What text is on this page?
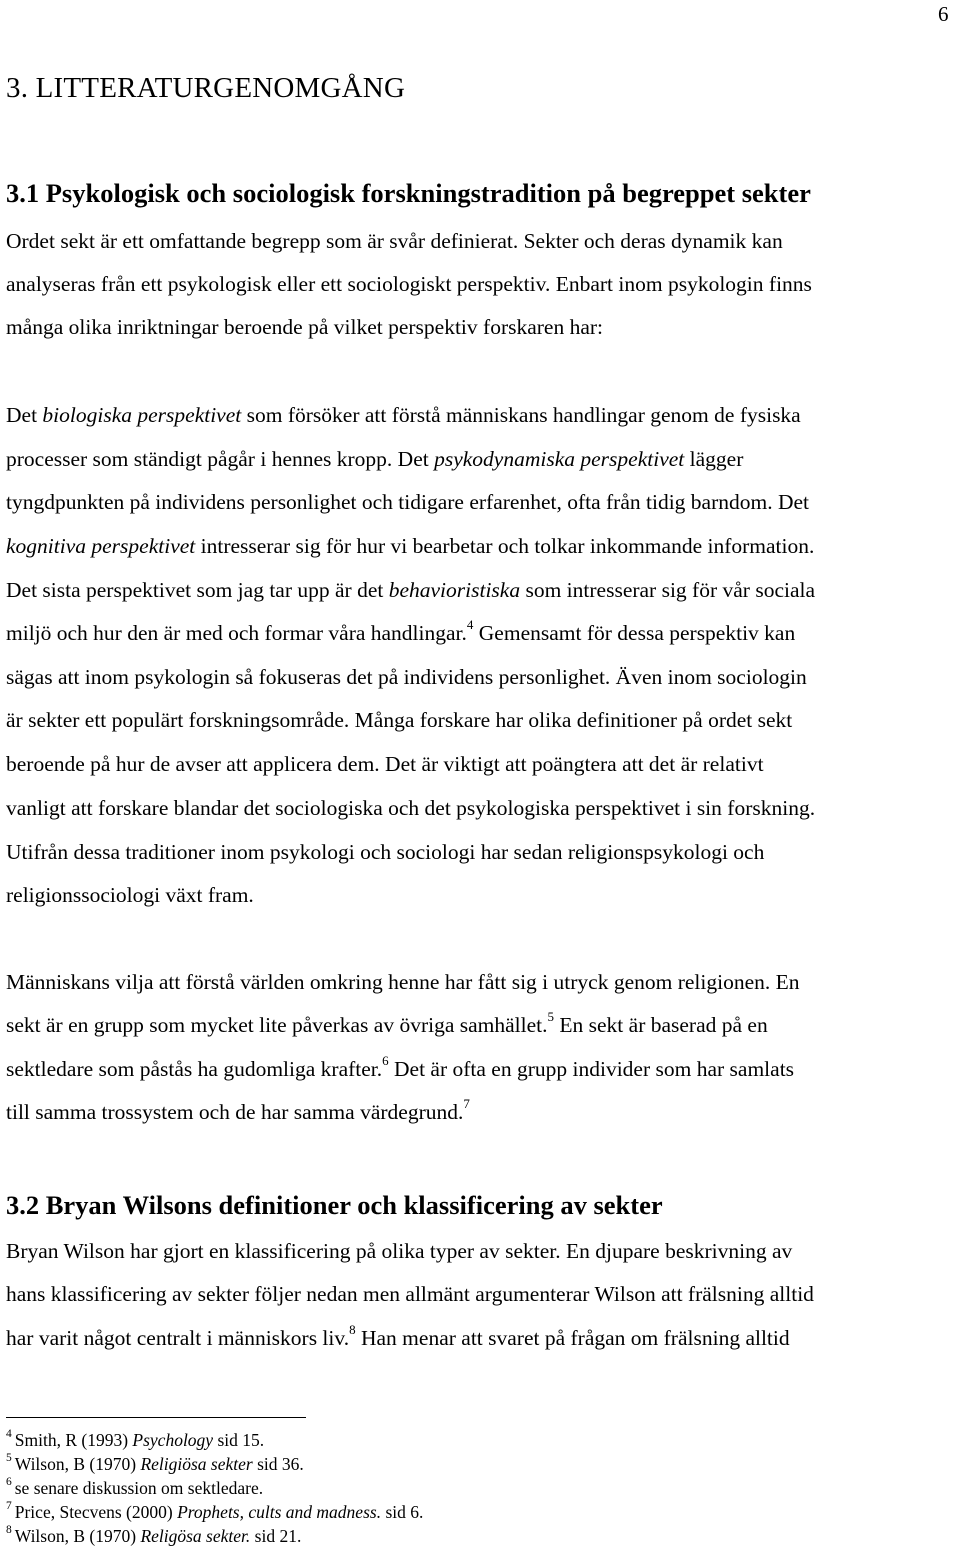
6
3. LITTERATURGENOMGÅNG
3.1 Psykologisk och sociologisk forskningstradition på begreppet sekter
Ordet sekt är ett omfattande begrepp som är svår definierat. Sekter och deras dynamik kan
analyseras från ett psykologisk eller ett sociologiskt perspektiv. Enbart inom psykologin finns
många olika inriktningar beroende på vilket perspektiv forskaren har:
Det biologiska perspektivet som försöker att förstå människans handlingar genom de fysiska
processer som ständigt pågår i hennes kropp. Det psykodynamiska perspektivet lägger
tyngdpunkten på individens personlighet och tidigare erfarenhet, ofta från tidig barndom. Det
kognitiva perspektivet intresserar sig för hur vi bearbetar och tolkar inkommande information.
Det sista perspektivet som jag tar upp är det behavioristiska som intresserar sig för vår sociala
miljö och hur den är med och formar våra handlingar.$^4$ Gemensamt för dessa perspektiv kan
sägas att inom psykologin så fokuseras det på individens personlighet. Även inom sociologin
är sekter ett populärt forskningsområde. Många forskare har olika definitioner på ordet sekt
beroende på hur de avser att applicera dem. Det är viktigt att poängtera att det är relativt
vanligt att forskare blandar det sociologiska och det psykologiska perspektivet i sin forskning.
Utifrån dessa traditioner inom psykologi och sociologi har sedan religionspsykologi och
religionssociologi växt fram.
Människans vilja att förstå världen omkring henne har fått sig i utryck genom religionen. En
sekt är en grupp som mycket lite påverkas av övriga samhället.$^5$ En sekt är baserad på en
sektledare som påstås ha gudomliga krafter.$^6$ Det är ofta en grupp individer som har samlats
till samma trossystem och de har samma värdegrund.$^7$
3.2 Bryan Wilsons definitioner och klassificering av sekter
Bryan Wilson har gjort en klassificering på olika typer av sekter. En djupare beskrivning av
hans klassificering av sekter följer nedan men allmänt argumenterar Wilson att frälsning alltid
har varit något centralt i människors liv.$^8$ Han menar att svaret på frågan om frälsning alltid
$^4$ Smith, R (1993) Psychology sid 15.
$^5$ Wilson, B (1970) Religiösa sekter sid 36.
$^6$ se senare diskussion om sektledare.
$^7$ Price, Stecvens (2000) Prophets, cults and madness. sid 6.
$^8$ Wilson, B (1970) Religösa sekter. sid 21.
